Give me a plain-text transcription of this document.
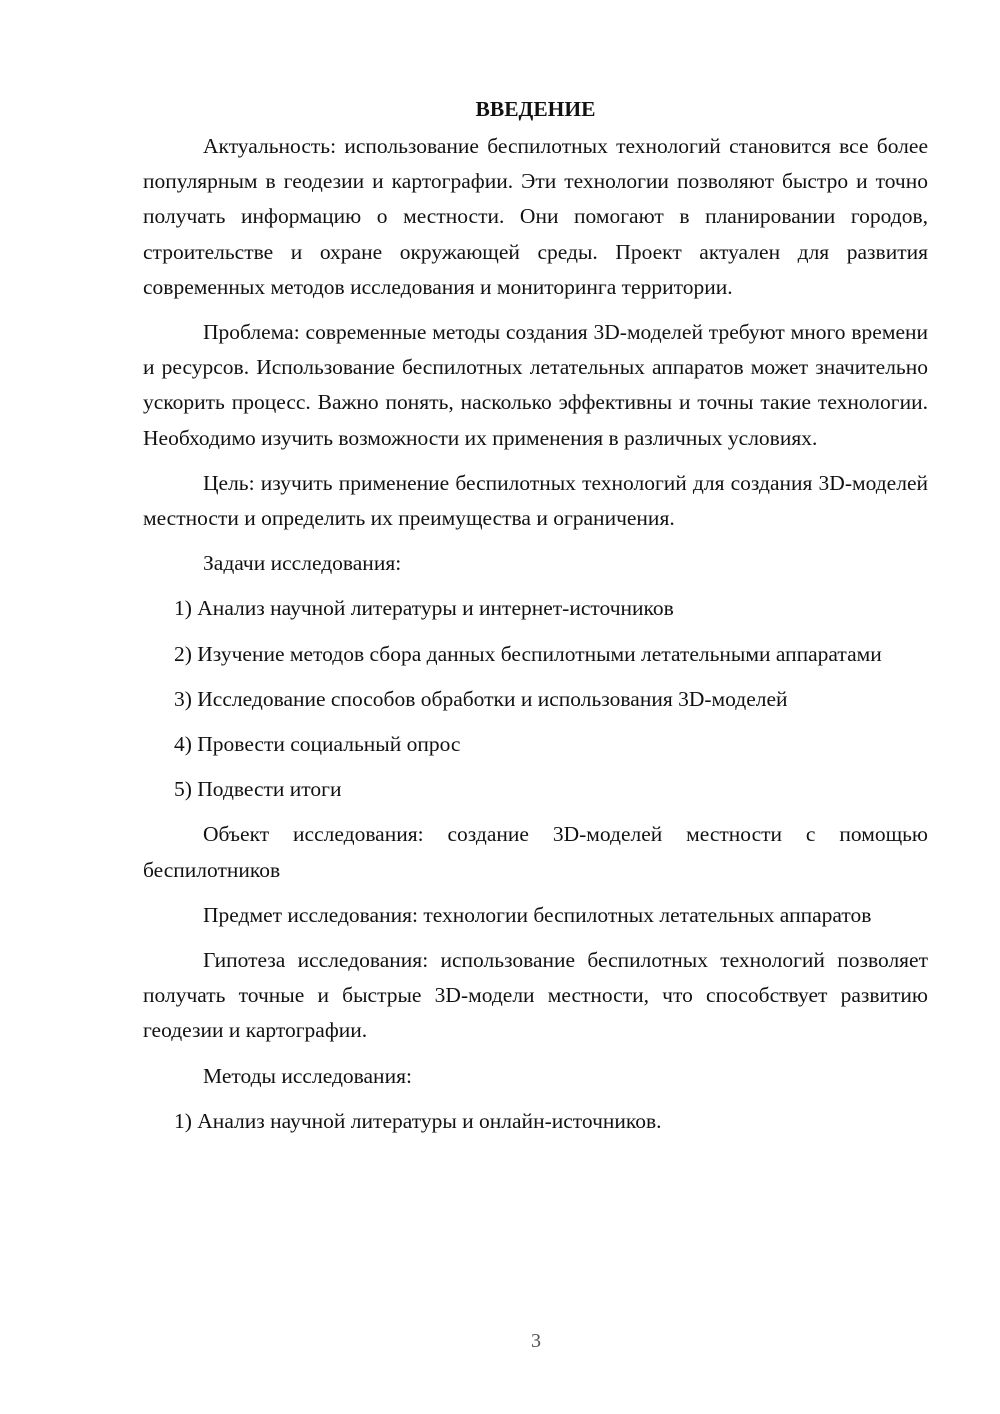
ВВЕДЕНИЕ

Актуальность: использование беспилотных технологий становится все более популярным в геодезии и картографии. Эти технологии позволяют быстро и точно получать информацию о местности. Они помогают в планировании городов, строительстве и охране окружающей среды. Проект актуален для развития современных методов исследования и мониторинга территории.

Проблема: современные методы создания 3D-моделей требуют много времени и ресурсов. Использование беспилотных летательных аппаратов может значительно ускорить процесс. Важно понять, насколько эффективны и точны такие технологии. Необходимо изучить возможности их применения в различных условиях.

Цель: изучить применение беспилотных технологий для создания 3D-моделей местности и определить их преимущества и ограничения.

Задачи исследования:

1) Анализ научной литературы и интернет-источников

2) Изучение методов сбора данных беспилотными летательными аппаратами

3) Исследование способов обработки и использования 3D-моделей

4) Провести социальный опрос

5) Подвести итоги

Объект исследования: создание 3D-моделей местности с помощью беспилотников

Предмет исследования: технологии беспилотных летательных аппаратов

Гипотеза исследования: использование беспилотных технологий позволяет получать точные и быстрые 3D-модели местности, что способствует развитию геодезии и картографии.

Методы исследования:

1) Анализ научной литературы и онлайн-источников.

3
